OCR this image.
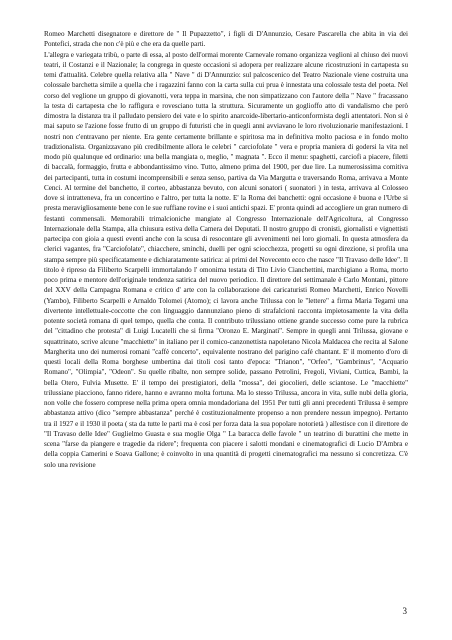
Romeo Marchetti disegnatore e direttore de " Il Pupazzetto", i figli di D'Annunzio, Cesare Pascarella che abita in via dei Pontefici, strada che non c'è più e che era da quelle parti.

L'allegra e variegata tribù, o parte di essa, al posto dell'ormai morente Carnevale romano organizza veglioni al chiuso dei nuovi teatri, il Costanzi e il Nazionale; la congrega in queste occasioni si adopera per realizzare alcune ricostruzioni in cartapesta su temi d'attualità. Celebre quella relativa alla " Nave " di D'Annunzio: sul palcoscenico del Teatro Nazionale viene costruita una colossale barchetta simile a quella che i ragazzini fanno con la carta sulla cui prua è innestata una colossale testa del poeta. Nel corso del veglione un gruppo di giovanotti, vera teppa in marsina, che non simpatizzano con l'autore della " Nave " fracassano la testa di cartapesta che lo raffigura e rovesciano tutta la struttura. Sicuramente un goglioffo atto di vandalismo che però dimostra la distanza tra il palludato pensiero dei vate e lo spirito anarcoide-libertario-anticonformista degli attentatori. Non si è mai saputo se l'azione fosse frutto di un gruppo di futuristi che in quegli anni avviavano le loro rivoluzionarie manifestazioni. I nostri non c'entravano per niente. Era gente certamente brillante e spiritosa ma in definitiva molto paciosa e in fondo molto tradizionalista. Organizzavano più credibilmente allora le celebri " carciofolate " vera e propria maniera di godersi la vita nel modo più qualunque ed ordinario: una bella mangiata o, meglio, " magnata ". Ecco il menu: spaghetti, carciofi a piacere, filetti di baccalà, formaggio, frutta e abbondantissimo vino. Tutto, almeno prima del 1900, per due lire. La numerosissima comitiva dei partecipanti, tutta in costumi incomprensibili e senza senso, partiva da Via Margutta e traversando Roma, arrivava a Monte Cenci. Al termine del banchetto, il corteo, abbastanza bevuto, con alcuni sonatori ( suonatori ) in testa, arrivava al Colosseo dove si intratteneva, fra un concertino e l'altro, per tutta la notte. E' la Roma dei banchetti: ogni occasione è buona e l'Urbe si presta meravigliosamente bene con le sue ruffiane rovine e i suoi antichi spazi. E' pronta quindi ad accogliere un gran numero di festanti commensali. Memorabili trimalcioniche mangiate al Congresso Internazionale dell'Agricoltura, al Congresso Internazionale della Stampa, alla chiusura estiva della Camera dei Deputati. Il nostro gruppo di cronisti, giornalisti e vignettisti partecipa con gioia a questi eventi anche con la scusa di resocontare gli avvenimenti nei loro giornali. In questa atmosfera da clerici vagantes, fra "Carciofolate", chiacchere, sminchi, duelli per ogni sciocchezza, progetti su ogni direzione, si profila una stampa sempre più specificatamente e dichiaratamente satirica: ai primi del Novecento ecco che nasce "Il Travaso delle Idee". Il titolo è ripreso da Filiberto Scarpelli immortalando l' omonima testata di Tito Livio Cianchettini, marchigiano a Roma, morto poco prima e mentore dell'originale tendenza satirica del nuovo periodico. Il direttore del settimanale è Carlo Montani, pittore del XXV della Campagna Romana e critico d' arte con la collaborazione dei caricaturisti Romeo Marchetti, Enrico Novelli (Yambo), Filiberto Scarpelli e Arnaldo Tolomei (Atomo); ci lavora anche Trilussa con le "lettere" a firma Maria Tegami una divertente intellettuale-coccotte che con linguaggio dannunziano pieno di strafalcioni racconta impietosamente la vita della potente società romana di quel tempo, quella che conta. Il contributo trilussiano ottiene grande successo come pure la rubrica del "cittadino che protesta" di Luigi Lucatelli che si firma "Oronzo E. Marginati". Sempre in quegli anni Trilussa, giovane e squattrinato, scrive alcune "macchiette" in italiano per il comico-canzonettista napoletano Nicola Maldacea che recita al Salone Margherita uno dei numerosi romani "caffè concerto", equivalente nostrano del parigino café chantant. E' il momento d'oro di questi locali della Roma borghese umbertina dai titoli così tanto d'epoca: "Trianon", "Orfeo", "Gambrinus", "Acquario Romano", "Olimpia", "Odeon". Su quelle ribalte, non sempre solide, passano Petrolini, Fregoli, Viviani, Cuttica, Bambi, la bella Otero, Fulvia Musette. E' il tempo dei prestigiatori, della "mossa", dei giocolieri, delle sciantose. Le "macchiette" trilussiane piacciono, fanno ridere, hanno e avranno molta fortuna. Ma lo stesso Trilussa, ancora in vita, sulle nubi della gloria, non volle che fossero comprese nella prima opera omnia mondadoriana del 1951 Per tutti gli anni precedenti Trilussa è sempre abbastanza attivo (dico "sempre abbastanza" perché è costituzionalmente propenso a non prendere nessun impegno). Pertanto tra il 1927 e il 1930 il poeta ( sta da tutte le parti ma è così per forza data la sua popolare notorietà ) allestisce con il direttore de "Il Travaso delle Idee" Guglielmo Guasta e sua moglie Olga " La baracca delle favole " un teatrino di burattini che mette in scena "farse da piangere e tragedie da ridere"; frequenta con piacere i salotti mondani e cinematografici di Lucio D'Ambra e della coppia Camerini e Soava Gallone; è coinvolto in una quantità di progetti cinematografici ma nessuno si concretizza. C'è solo una revisione

3
